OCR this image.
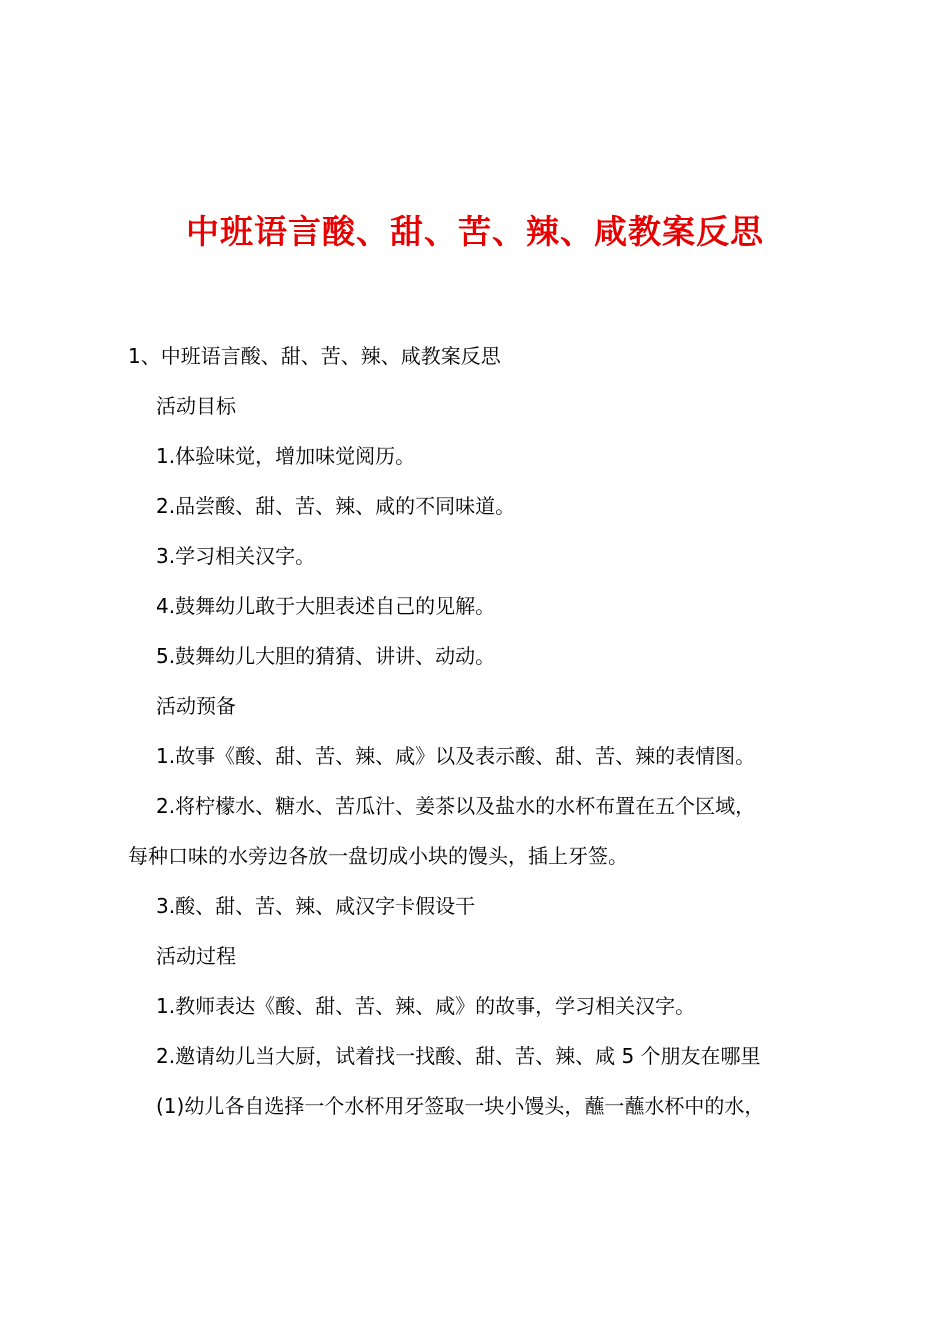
中班语言酸、甜、苦、辣、咸教案反思
1、中班语言酸、甜、苦、辣、咸教案反思
活动目标
1.体验味觉，增加味觉阅历。
2.品尝酸、甜、苦、辣、咸的不同味道。
3.学习相关汉字。
4.鼓舞幼儿敢于大胆表述自己的见解。
5.鼓舞幼儿大胆的猜猜、讲讲、动动。
活动预备
1.故事《酸、甜、苦、辣、咸》以及表示酸、甜、苦、辣的表情图。
2.将柠檬水、糖水、苦瓜汁、姜茶以及盐水的水杯布置在五个区域，
每种口味的水旁边各放一盘切成小块的馒头，插上牙签。
3.酸、甜、苦、辣、咸汉字卡假设干
活动过程
1.教师表达《酸、甜、苦、辣、咸》的故事，学习相关汉字。
2.邀请幼儿当大厨，试着找一找酸、甜、苦、辣、咸 5 个朋友在哪里
(1)幼儿各自选择一个水杯用牙签取一块小馒头，蘸一蘸水杯中的水，
